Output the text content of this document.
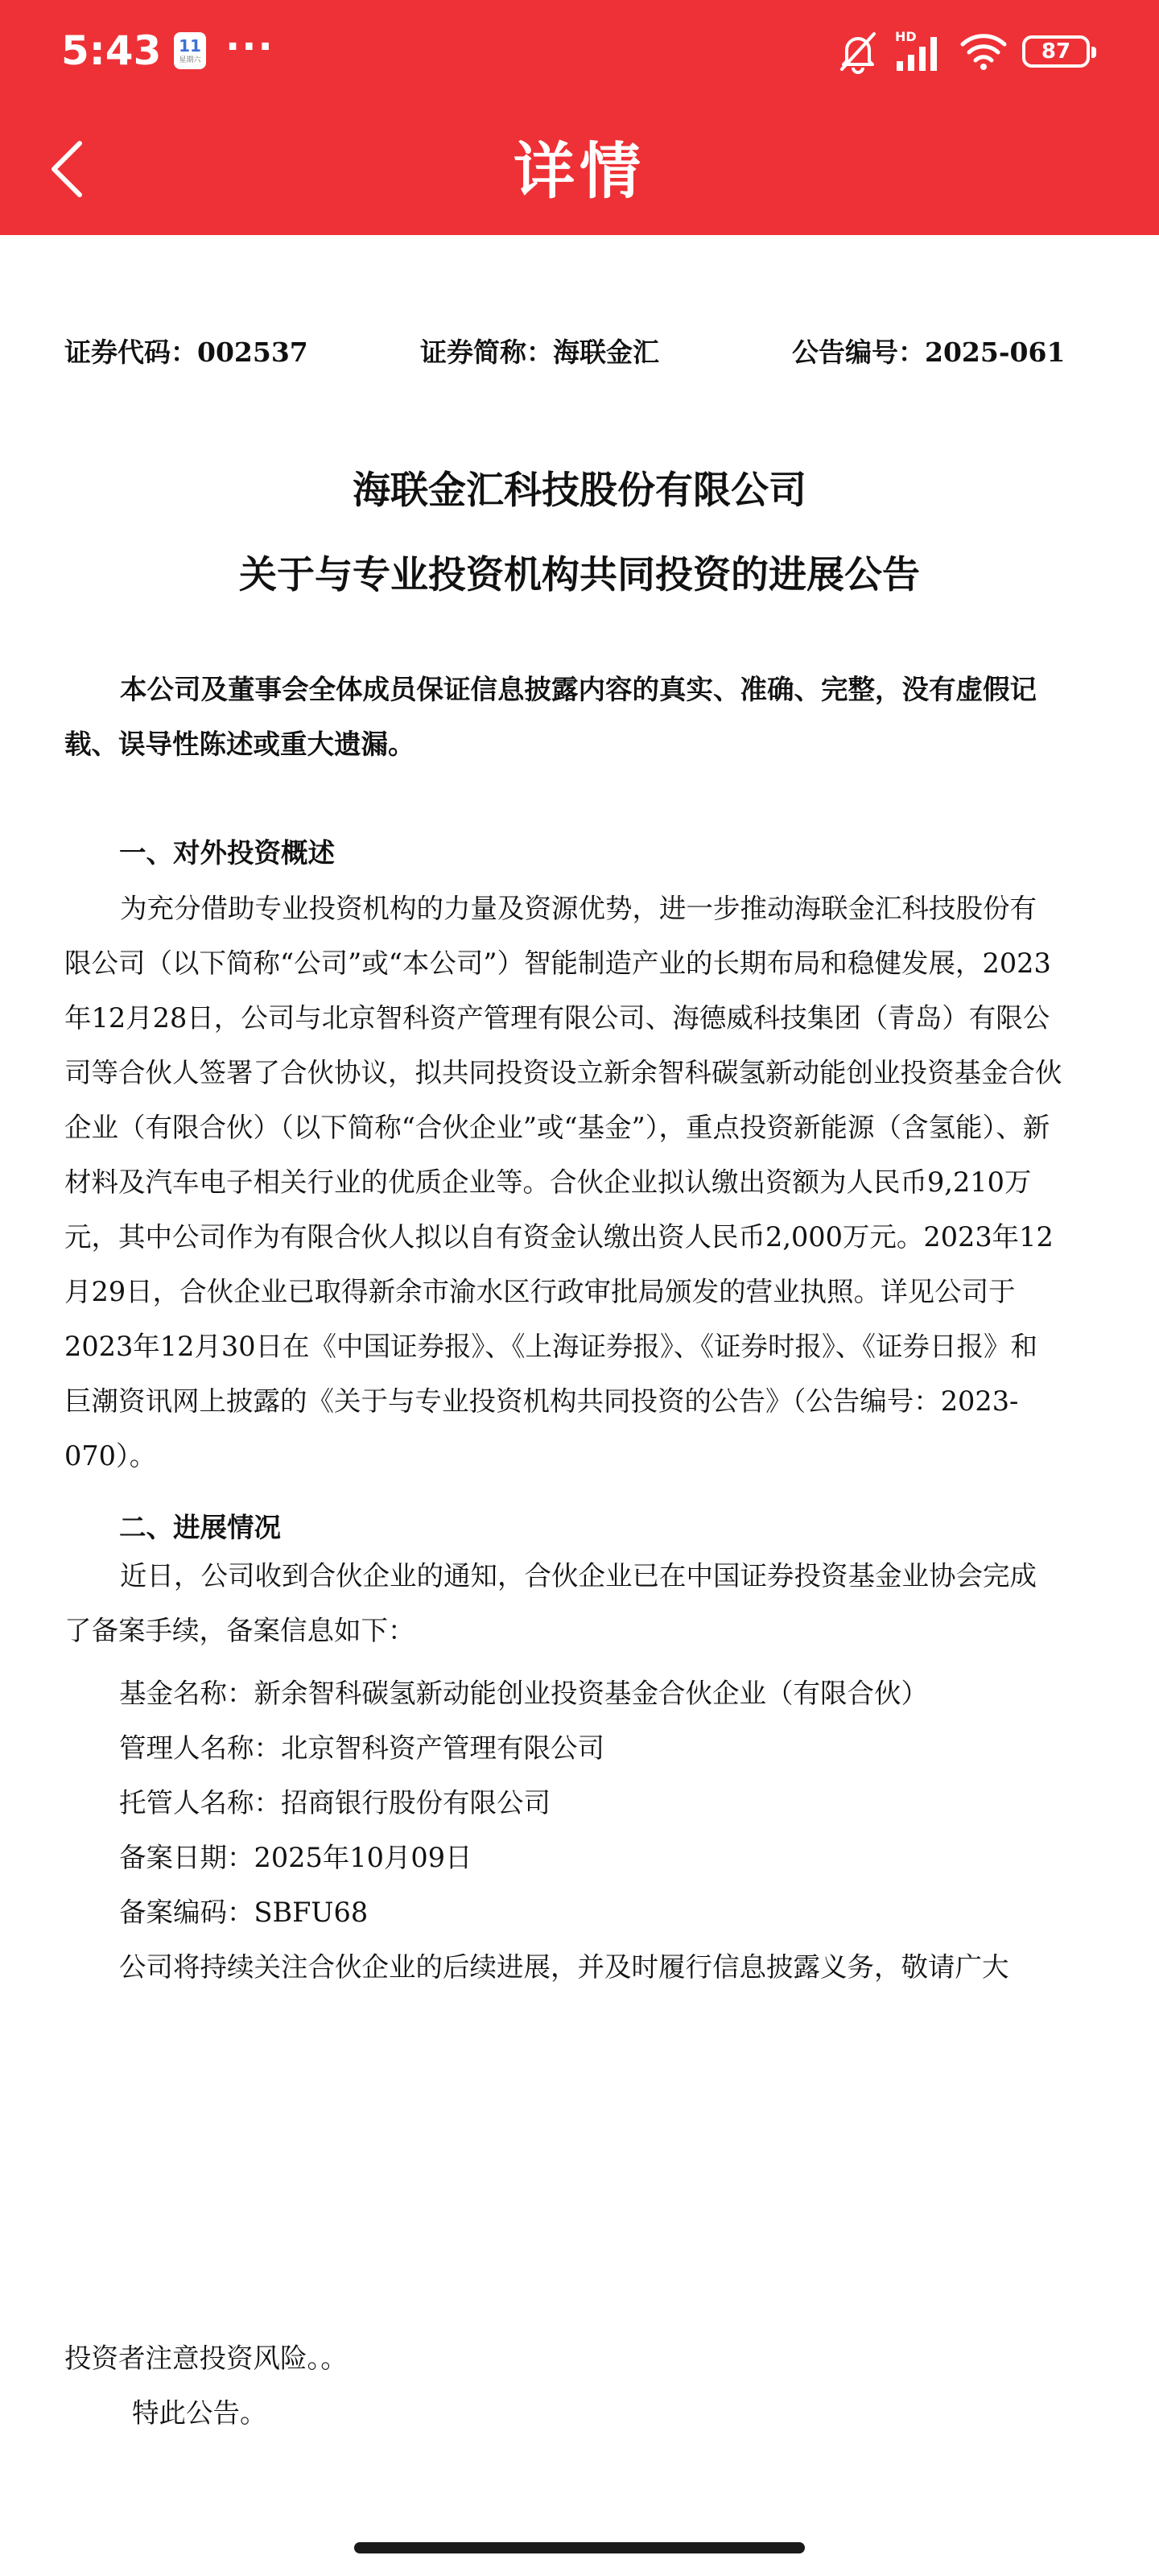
5:43	11
星期六 ···	HD
87
详情
证券代码：002537	证券简称：海联金汇	公告编号：2025-061
海联金汇科技股份有限公司
关于与专业投资机构共同投资的进展公告
本公司及董事会全体成员保证信息披露内容的真实、准确、完整，没有虚假记载、误导性陈述或重大遗漏。
一、对外投资概述
为充分借助专业投资机构的力量及资源优势，进一步推动海联金汇科技股份有限公司（以下简称“公司”或“本公司”）智能制造产业的长期布局和稳健发展，2023年12月28日，公司与北京智科资产管理有限公司、海德威科技集团（青岛）有限公司等合伙人签署了合伙协议，拟共同投资设立新余智科碳氢新动能创业投资基金合伙企业（有限合伙）（以下简称“合伙企业”或“基金”），重点投资新能源（含氢能）、新材料及汽车电子相关行业的优质企业等。合伙企业拟认缴出资额为人民币9,210万元，其中公司作为有限合伙人拟以自有资金认缴出资人民币2,000万元。2023年12月29日，合伙企业已取得新余市渝水区行政审批局颁发的营业执照。详见公司于2023年12月30日在《中国证券报》、《上海证券报》、《证券时报》、《证券日报》和巨潮资讯网上披露的《关于与专业投资机构共同投资的公告》（公告编号：2023-070）。
二、进展情况
近日，公司收到合伙企业的通知，合伙企业已在中国证券投资基金业协会完成了备案手续，备案信息如下：
基金名称：新余智科碳氢新动能创业投资基金合伙企业（有限合伙）
管理人名称：北京智科资产管理有限公司
托管人名称：招商银行股份有限公司
备案日期：2025年10月09日
备案编码：SBFU68
公司将持续关注合伙企业的后续进展，并及时履行信息披露义务，敬请广大
投资者注意投资风险。。
特此公告。
